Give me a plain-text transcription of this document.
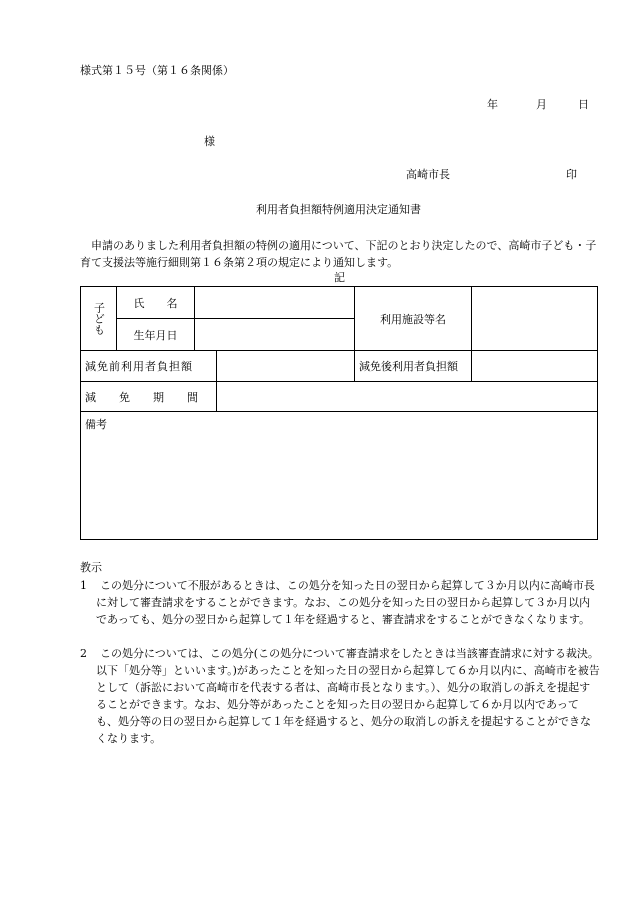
様式第１５号（第１６条関係）
年	月	日
様
高崎市長	印
利用者負担額特例適用決定通知書
申請のありました利用者負担額の特例の適用について、下記のとおり決定したので、高崎市子ども・子育て支援法等施行細則第１６条第２項の規定により通知します。
記
子ども	氏　　名			利用施設等名	
	生年月日				
減免前利用者負担額				減免後利用者負担額	
減免期間					
備考					
教示
1	この処分について不服があるときは、この処分を知った日の翌日から起算して３か月以内に高崎市長に対して審査請求をすることができます。なお、この処分を知った日の翌日から起算して３か月以内であっても、処分の翌日から起算して１年を経過すると、審査請求をすることができなくなります。
2	この処分については、この処分(この処分について審査請求をしたときは当該審査請求に対する裁決。以下「処分等」といいます。)があったことを知った日の翌日から起算して６か月以内に、高崎市を被告として（訴訟において高崎市を代表する者は、高崎市長となります。）、処分の取消しの訴えを提起することができます。なお、処分等があったことを知った日の翌日から起算して６か月以内であっても、処分等の日の翌日から起算して１年を経過すると、処分の取消しの訴えを提起することができなくなります。
